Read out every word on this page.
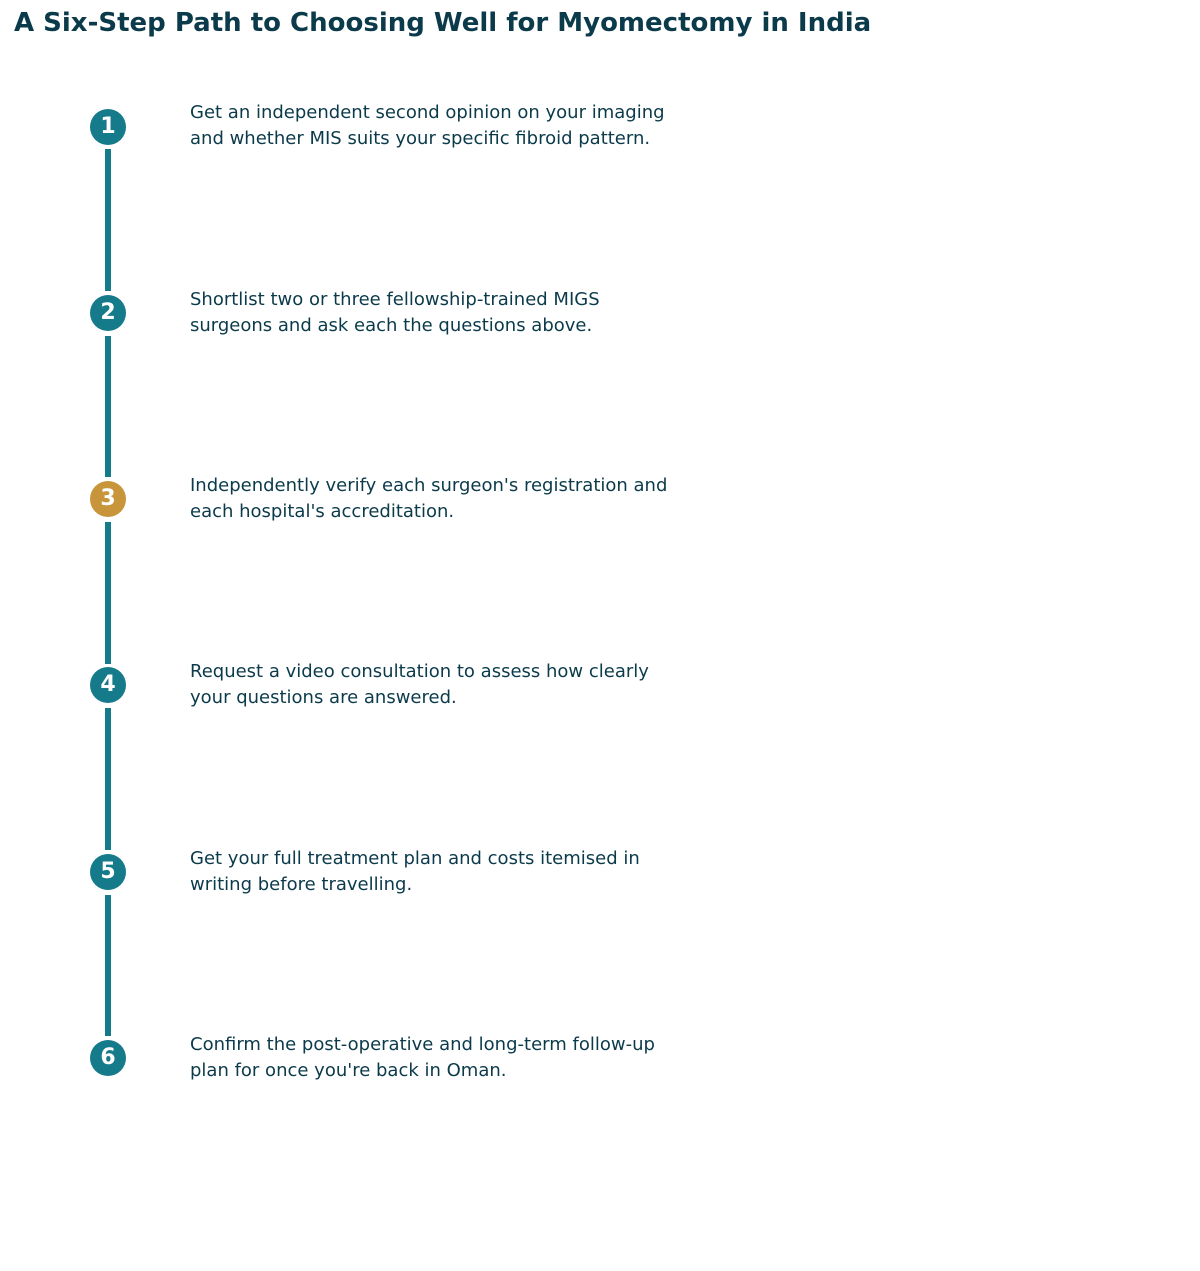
A Six-Step Path to Choosing Well for Myomectomy in India
1

Get an independent second opinion on your imaging
and whether MIS suits your specific fibroid pattern.

2

Shortlist two or three fellowship-trained MIGS
surgeons and ask each the questions above.

3

Independently verify each surgeon's registration and
each hospital's accreditation.

4

Request a video consultation to assess how clearly
your questions are answered.

5

Get your full treatment plan and costs itemised in
writing before travelling.

6

Confirm the post-operative and long-term follow-up
plan for once you're back in Oman.
